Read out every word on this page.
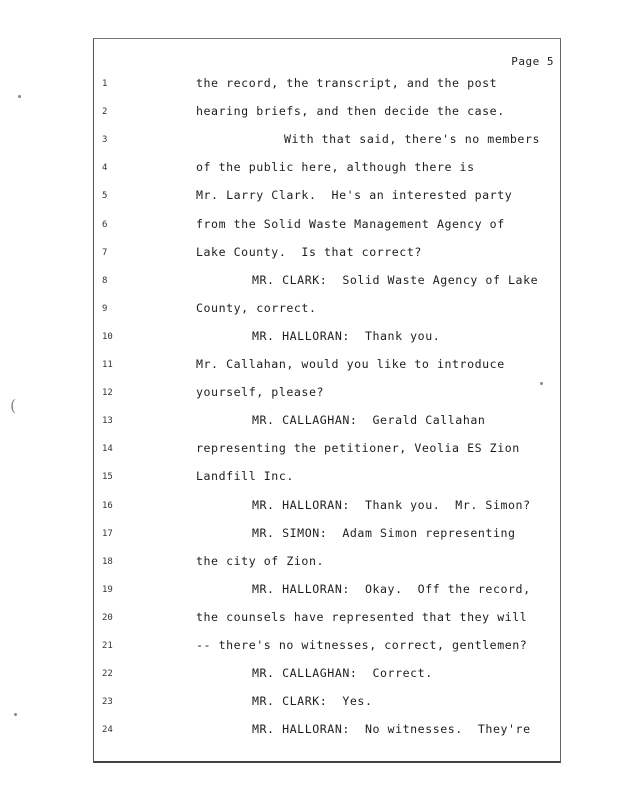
Page 5
1	the record, the transcript, and the post
2	hearing briefs, and then decide the case.
3	With that said, there's no members
4	of the public here, although there is
5	Mr. Larry Clark.  He's an interested party
6	from the Solid Waste Management Agency of
7	Lake County.  Is that correct?
8	MR. CLARK:  Solid Waste Agency of Lake
9	County, correct.
10	MR. HALLORAN:  Thank you.
11	Mr. Callahan, would you like to introduce
12	yourself, please?
13	MR. CALLAGHAN:  Gerald Callahan
14	representing the petitioner, Veolia ES Zion
15	Landfill Inc.
16	MR. HALLORAN:  Thank you.  Mr. Simon?
17	MR. SIMON:  Adam Simon representing
18	the city of Zion.
19	MR. HALLORAN:  Okay.  Off the record,
20	the counsels have represented that they will
21	-- there's no witnesses, correct, gentlemen?
22	MR. CALLAGHAN:  Correct.
23	MR. CLARK:  Yes.
24	MR. HALLORAN:  No witnesses.  They're
(
